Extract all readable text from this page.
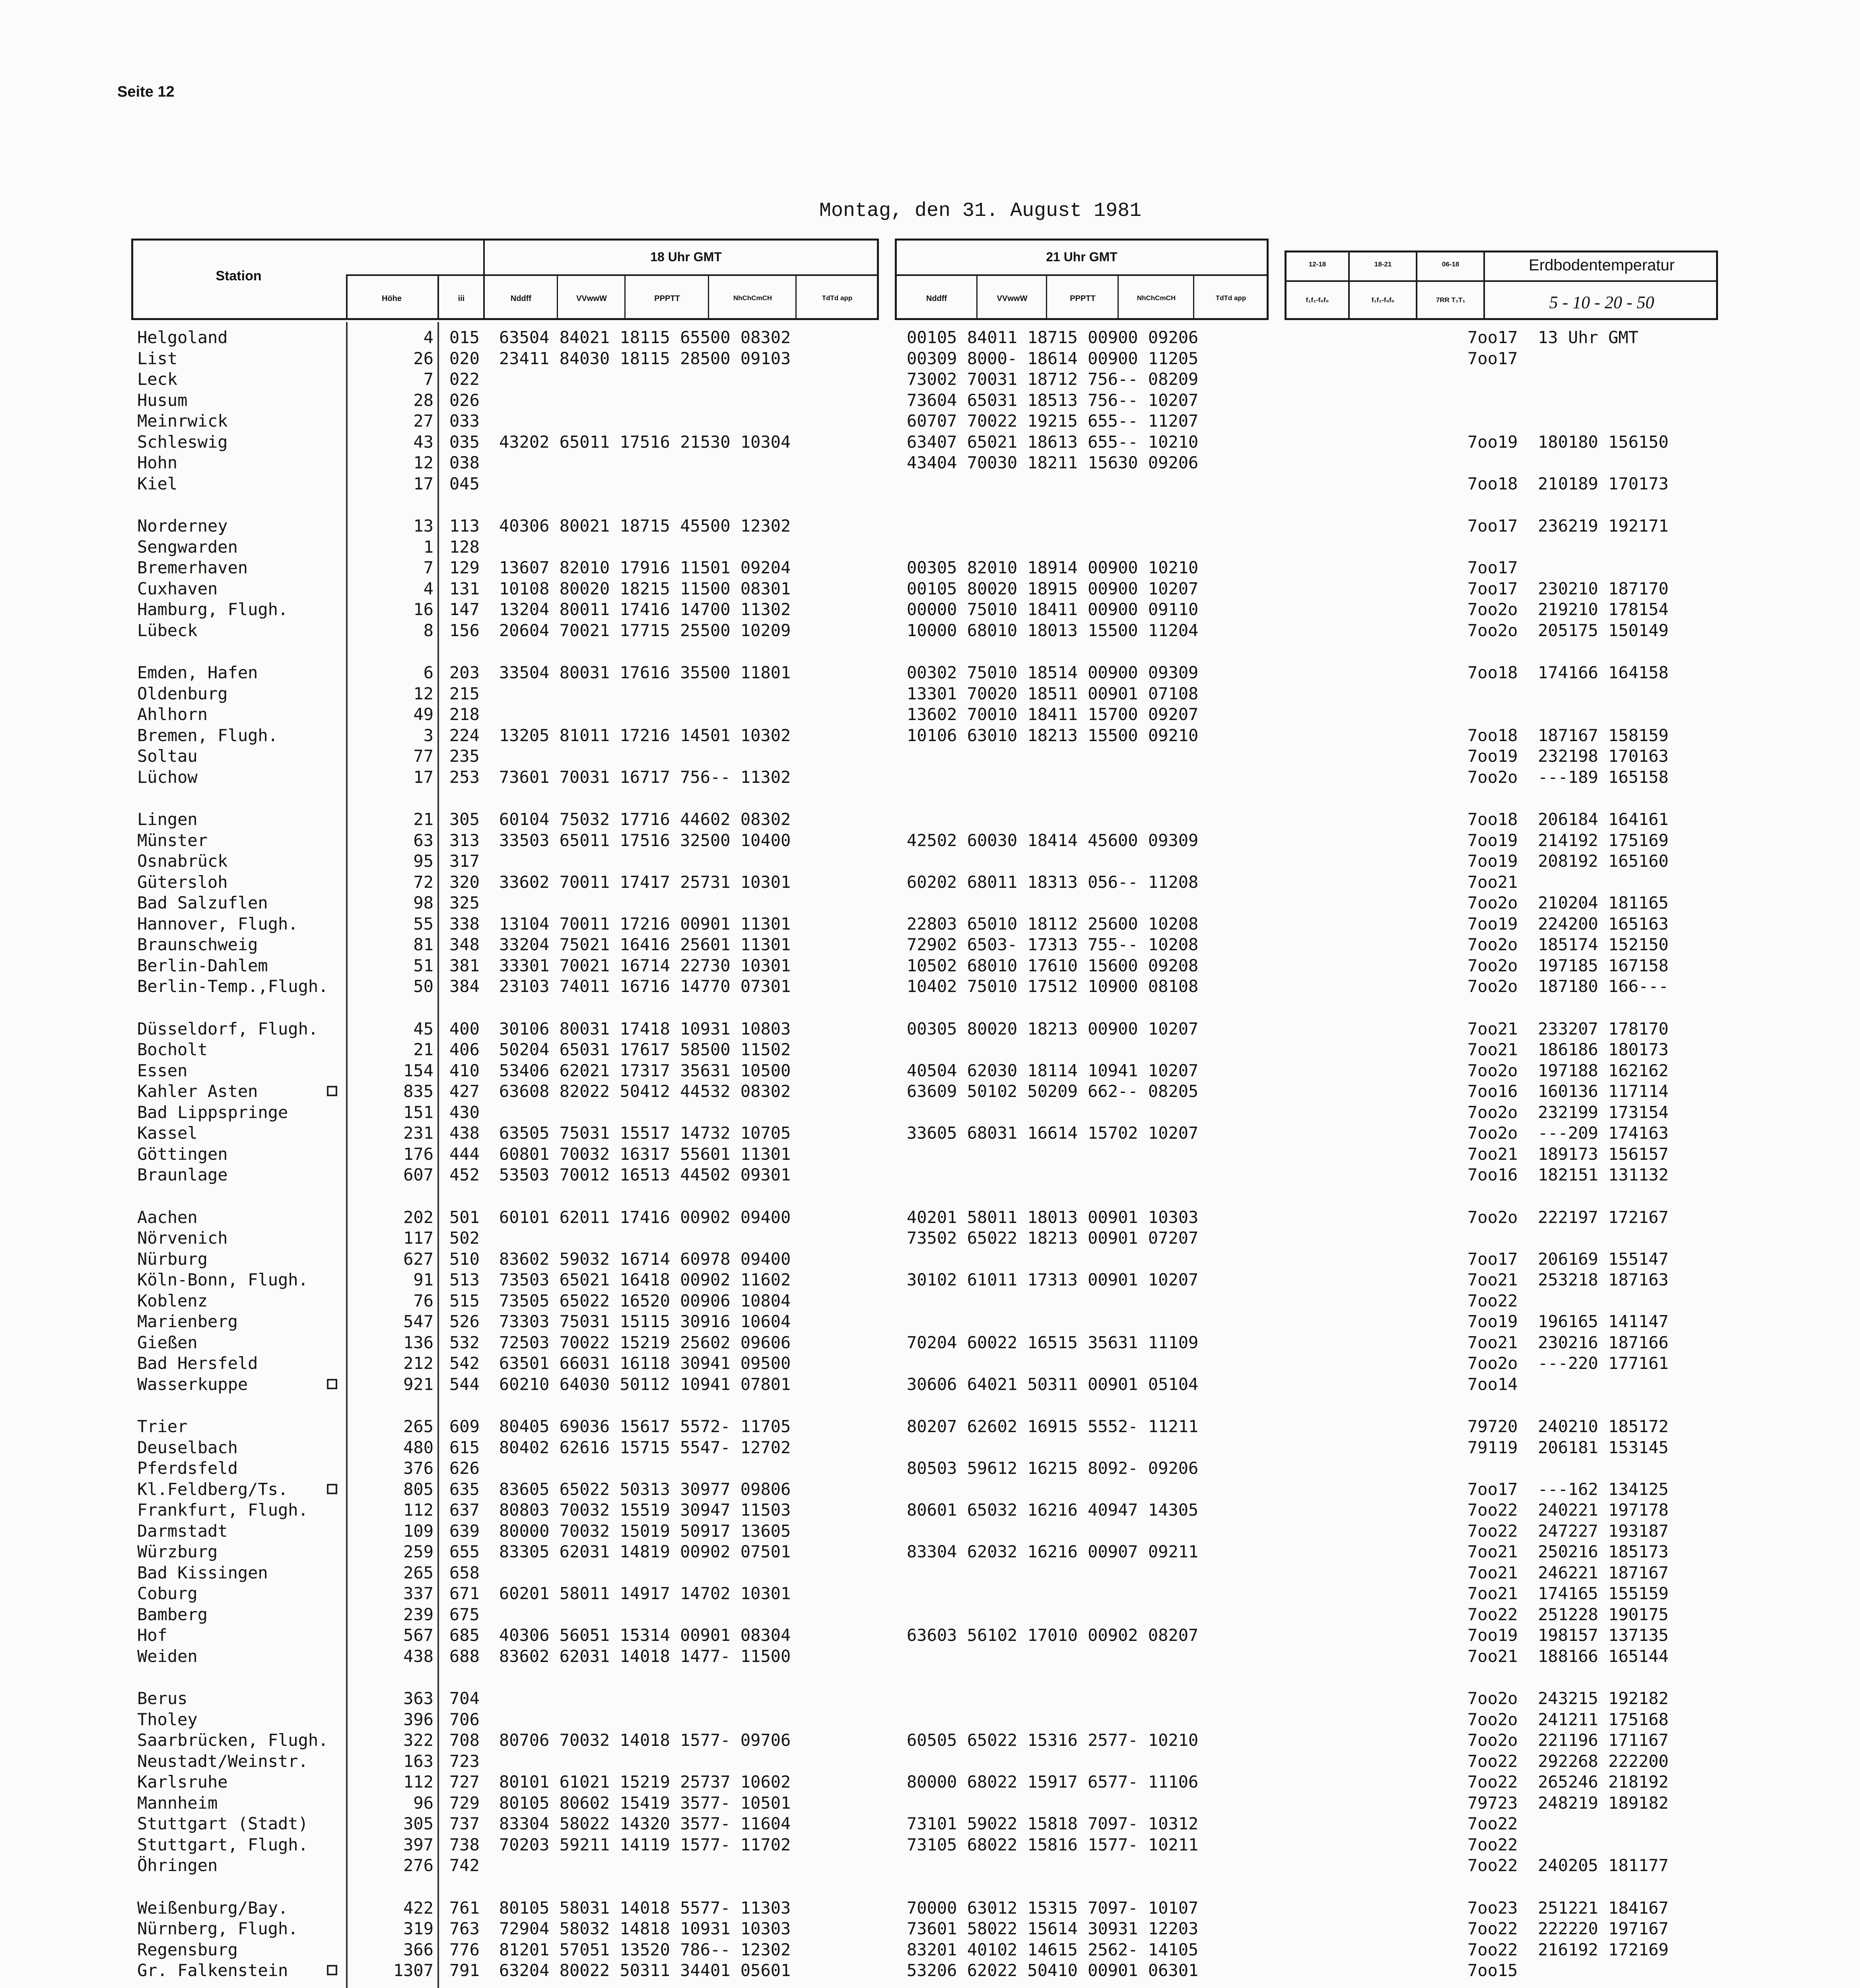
Seite 12
Montag, den 31. August 1981
Station
Höhe	iii
18 Uhr GMT
Nddff	VVwwW	PPPTT	NhChCmCH	TdTd app
21 Uhr GMT
Nddff	VVwwW	PPPTT	NhChCmCH	TdTd app
12-18	18-21	06-18
f₁f₁-f₀f₀	f₁f₁-f₀f₀	7RR T₁T₁
Erdbodentemperatur
5 - 10 - 20 - 50
Helgoland	4 015 63504 84021 18115 65500 08302	00105 84011 18715 00900 09206	7oo17  13 Uhr GMT
List	26 020 23411 84030 18115 28500 09103	00309 8000- 18614 00900 11205	7oo17
Leck	7 022	73002 70031 18712 756-- 08209
Husum	28 026	73604 65031 18513 756-- 10207
Meinrwick	27 033	60707 70022 19215 655-- 11207
Schleswig	43 035 43202 65011 17516 21530 10304	63407 65021 18613 655-- 10210	7oo19  180180 156150
Hohn	12 038	43404 70030 18211 15630 09206
Kiel	17 045	7oo18  210189 170173
Norderney	13 113 40306 80021 18715 45500 12302	7oo17  236219 192171
Sengwarden	1 128
Bremerhaven	7 129 13607 82010 17916 11501 09204	00305 82010 18914 00900 10210	7oo17
Cuxhaven	4 131 10108 80020 18215 11500 08301	00105 80020 18915 00900 10207	7oo17  230210 187170
Hamburg, Flugh.	16 147 13204 80011 17416 14700 11302	00000 75010 18411 00900 09110	7oo2o  219210 178154
Lübeck	8 156 20604 70021 17715 25500 10209	10000 68010 18013 15500 11204	7oo2o  205175 150149
Emden, Hafen	6 203 33504 80031 17616 35500 11801	00302 75010 18514 00900 09309	7oo18  174166 164158
Oldenburg	12 215	13301 70020 18511 00901 07108
Ahlhorn	49 218	13602 70010 18411 15700 09207
Bremen, Flugh.	3 224 13205 81011 17216 14501 10302	10106 63010 18213 15500 09210	7oo18  187167 158159
Soltau	77 235	7oo19  232198 170163
Lüchow	17 253 73601 70031 16717 756-- 11302	7oo2o  ---189 165158
Lingen	21 305 60104 75032 17716 44602 08302	7oo18  206184 164161
Münster	63 313 33503 65011 17516 32500 10400	42502 60030 18414 45600 09309	7oo19  214192 175169
Osnabrück	95 317	7oo19  208192 165160
Gütersloh	72 320 33602 70011 17417 25731 10301	60202 68011 18313 056-- 11208	7oo21
Bad Salzuflen	98 325	7oo2o  210204 181165
Hannover, Flugh.	55 338 13104 70011 17216 00901 11301	22803 65010 18112 25600 10208	7oo19  224200 165163
Braunschweig	81 348 33204 75021 16416 25601 11301	72902 6503- 17313 755-- 10208	7oo2o  185174 152150
Berlin-Dahlem	51 381 33301 70021 16714 22730 10301	10502 68010 17610 15600 09208	7oo2o  197185 167158
Berlin-Temp.,Flugh.	50 384 23103 74011 16716 14770 07301	10402 75010 17512 10900 08108	7oo2o  187180 166---
Düsseldorf, Flugh.	45 400 30106 80031 17418 10931 10803	00305 80020 18213 00900 10207	7oo21  233207 178170
Bocholt	21 406 50204 65031 17617 58500 11502	7oo21  186186 180173
Essen	154 410 53406 62021 17317 35631 10500	40504 62030 18114 10941 10207	7oo2o  197188 162162
Kahler Asten	835 427 63608 82022 50412 44532 08302	63609 50102 50209 662-- 08205	7oo16  160136 117114
Bad Lippspringe	151 430	7oo2o  232199 173154
Kassel	231 438 63505 75031 15517 14732 10705	33605 68031 16614 15702 10207	7oo2o  ---209 174163
Göttingen	176 444 60801 70032 16317 55601 11301	7oo21  189173 156157
Braunlage	607 452 53503 70012 16513 44502 09301	7oo16  182151 131132
Aachen	202 501 60101 62011 17416 00902 09400	40201 58011 18013 00901 10303	7oo2o  222197 172167
Nörvenich	117 502	73502 65022 18213 00901 07207
Nürburg	627 510 83602 59032 16714 60978 09400	7oo17  206169 155147
Köln-Bonn, Flugh.	91 513 73503 65021 16418 00902 11602	30102 61011 17313 00901 10207	7oo21  253218 187163
Koblenz	76 515 73505 65022 16520 00906 10804	7oo22
Marienberg	547 526 73303 75031 15115 30916 10604	7oo19  196165 141147
Gießen	136 532 72503 70022 15219 25602 09606	70204 60022 16515 35631 11109	7oo21  230216 187166
Bad Hersfeld	212 542 63501 66031 16118 30941 09500	7oo2o  ---220 177161
Wasserkuppe	921 544 60210 64030 50112 10941 07801	30606 64021 50311 00901 05104	7oo14
Trier	265 609 80405 69036 15617 5572- 11705	80207 62602 16915 5552- 11211	79720  240210 185172
Deuselbach	480 615 80402 62616 15715 5547- 12702	79119  206181 153145
Pferdsfeld	376 626	80503 59612 16215 8092- 09206
Kl.Feldberg/Ts.	805 635 83605 65022 50313 30977 09806	7oo17  ---162 134125
Frankfurt, Flugh.	112 637 80803 70032 15519 30947 11503	80601 65032 16216 40947 14305	7oo22  240221 197178
Darmstadt	109 639 80000 70032 15019 50917 13605	7oo22  247227 193187
Würzburg	259 655 83305 62031 14819 00902 07501	83304 62032 16216 00907 09211	7oo21  250216 185173
Bad Kissingen	265 658	7oo21  246221 187167
Coburg	337 671 60201 58011 14917 14702 10301	7oo21  174165 155159
Bamberg	239 675	7oo22  251228 190175
Hof	567 685 40306 56051 15314 00901 08304	63603 56102 17010 00902 08207	7oo19  198157 137135
Weiden	438 688 83602 62031 14018 1477- 11500	7oo21  188166 165144
Berus	363 704	7oo2o  243215 192182
Tholey	396 706	7oo2o  241211 175168
Saarbrücken, Flugh.	322 708 80706 70032 14018 1577- 09706	60505 65022 15316 2577- 10210	7oo2o  221196 171167
Neustadt/Weinstr.	163 723	7oo22  292268 222200
Karlsruhe	112 727 80101 61021 15219 25737 10602	80000 68022 15917 6577- 11106	7oo22  265246 218192
Mannheim	96 729 80105 80602 15419 3577- 10501	79723  248219 189182
Stuttgart (Stadt)	305 737 83304 58022 14320 3577- 11604	73101 59022 15818 7097- 10312	7oo22
Stuttgart, Flugh.	397 738 70203 59211 14119 1577- 11702	73105 68022 15816 1577- 10211	7oo22
Öhringen	276 742	7oo22  240205 181177
Weißenburg/Bay.	422 761 80105 58031 14018 5577- 11303	70000 63012 15315 7097- 10107	7oo23  251221 184167
Nürnberg, Flugh.	319 763 72904 58032 14818 10931 10303	73601 58022 15614 30931 12203	7oo22  222220 197167
Regensburg	366 776 81201 57051 13520 786-- 12302	83201 40102 14615 2562- 14105	7oo22  216192 172169
Gr. Falkenstein	1307 791 63204 80022 50311 34401 05601	53206 62022 50410 00901 06301	7oo15
